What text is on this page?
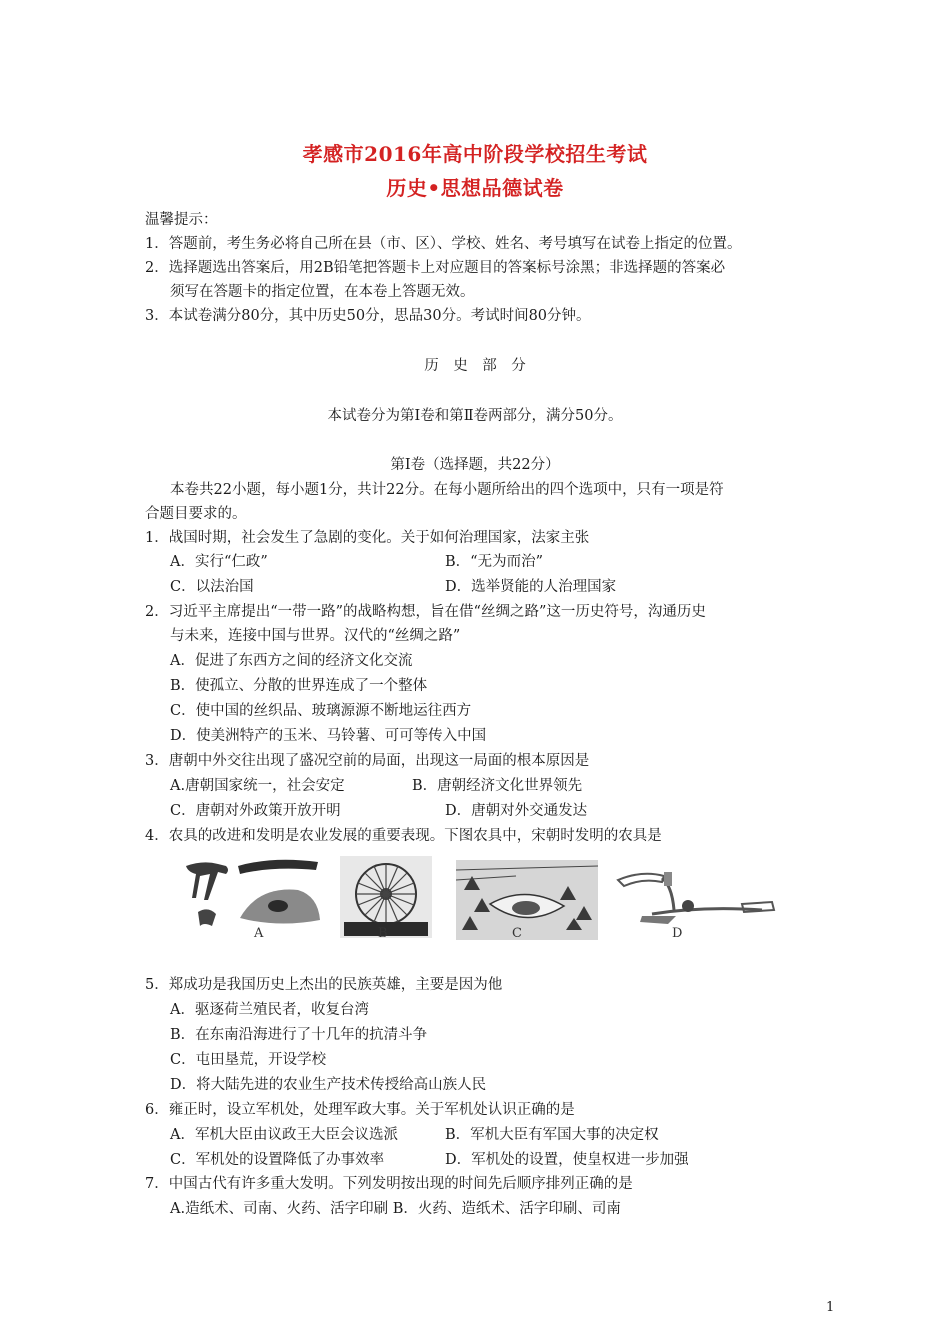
孝感市2016年高中阶段学校招生考试
历史•思想品德试卷
温馨提示：
1．答题前，考生务必将自己所在县（市、区）、学校、姓名、考号填写在试卷上指定的位置。
2．选择题选出答案后，用2B铅笔把答题卡上对应题目的答案标号涂黑；非选择题的答案必
须写在答题卡的指定位置，在本卷上答题无效。
3．本试卷满分80分，其中历史50分，思品30分。考试时间80分钟。
历　史　部　分
本试卷分为第Ⅰ卷和第Ⅱ卷两部分，满分50分。
第Ⅰ卷（选择题，共22分）
本卷共22小题，每小题1分，共计22分。在每小题所给出的四个选项中，只有一项是符
合题目要求的。
1．战国时期，社会发生了急剧的变化。关于如何治理国家，法家主张
A．实行“仁政”	B．“无为而治”
C．以法治国	D．选举贤能的人治理国家
2．习近平主席提出“一带一路”的战略构想，旨在借“丝绸之路”这一历史符号，沟通历史
与未来，连接中国与世界。汉代的“丝绸之路”
A．促进了东西方之间的经济文化交流
B．使孤立、分散的世界连成了一个整体
C．使中国的丝织品、玻璃源源不断地运往西方
D．使美洲特产的玉米、马铃薯、可可等传入中国
3．唐朝中外交往出现了盛况空前的局面，出现这一局面的根本原因是
A.唐朝国家统一，社会安定	B．唐朝经济文化世界领先
C．唐朝对外政策开放开明	D．唐朝对外交通发达
4．农具的改进和发明是农业发展的重要表现。下图农具中，宋朝时发明的农具是
A	B	C	D
5．郑成功是我国历史上杰出的民族英雄，主要是因为他
A．驱逐荷兰殖民者，收复台湾
B．在东南沿海进行了十几年的抗清斗争
C．屯田垦荒，开设学校
D．将大陆先进的农业生产技术传授给高山族人民
6．雍正时，设立军机处，处理军政大事。关于军机处认识正确的是
A．军机大臣由议政王大臣会议选派	B．军机大臣有军国大事的决定权
C．军机处的设置降低了办事效率	D．军机处的设置，使皇权进一步加强
7．中国古代有许多重大发明。下列发明按出现的时间先后顺序排列正确的是
A.造纸术、司南、火药、活字印刷 B．火药、造纸术、活字印刷、司南
1
